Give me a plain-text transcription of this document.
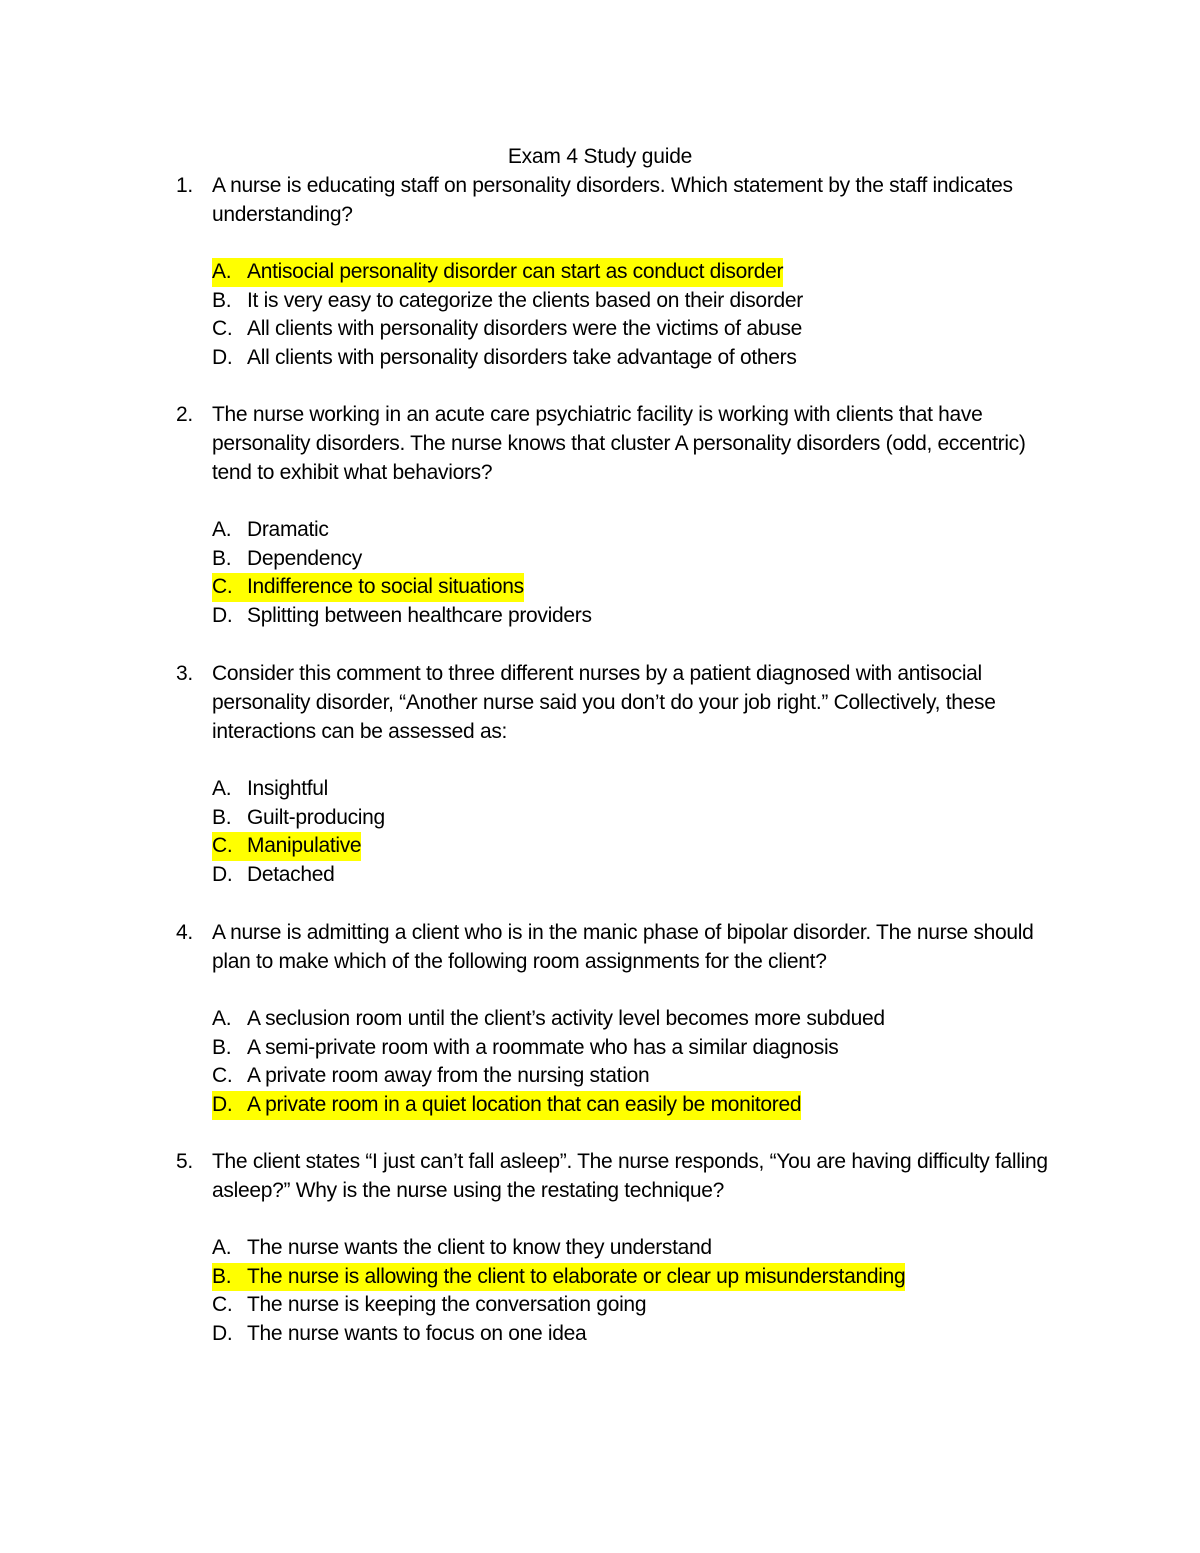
Exam 4 Study guide
1. A nurse is educating staff on personality disorders. Which statement by the staff indicates understanding?
A. Antisocial personality disorder can start as conduct disorder
B. It is very easy to categorize the clients based on their disorder
C. All clients with personality disorders were the victims of abuse
D. All clients with personality disorders take advantage of others
2. The nurse working in an acute care psychiatric facility is working with clients that have personality disorders. The nurse knows that cluster A personality disorders (odd, eccentric) tend to exhibit what behaviors?
A. Dramatic
B. Dependency
C. Indifference to social situations
D. Splitting between healthcare providers
3. Consider this comment to three different nurses by a patient diagnosed with antisocial personality disorder, “Another nurse said you don’t do your job right.” Collectively, these interactions can be assessed as:
A. Insightful
B. Guilt-producing
C. Manipulative
D. Detached
4. A nurse is admitting a client who is in the manic phase of bipolar disorder. The nurse should plan to make which of the following room assignments for the client?
A. A seclusion room until the client’s activity level becomes more subdued
B. A semi-private room with a roommate who has a similar diagnosis
C. A private room away from the nursing station
D. A private room in a quiet location that can easily be monitored
5. The client states “I just can’t fall asleep”. The nurse responds, “You are having difficulty falling asleep?” Why is the nurse using the restating technique?
A. The nurse wants the client to know they understand
B. The nurse is allowing the client to elaborate or clear up misunderstanding
C. The nurse is keeping the conversation going
D. The nurse wants to focus on one idea
